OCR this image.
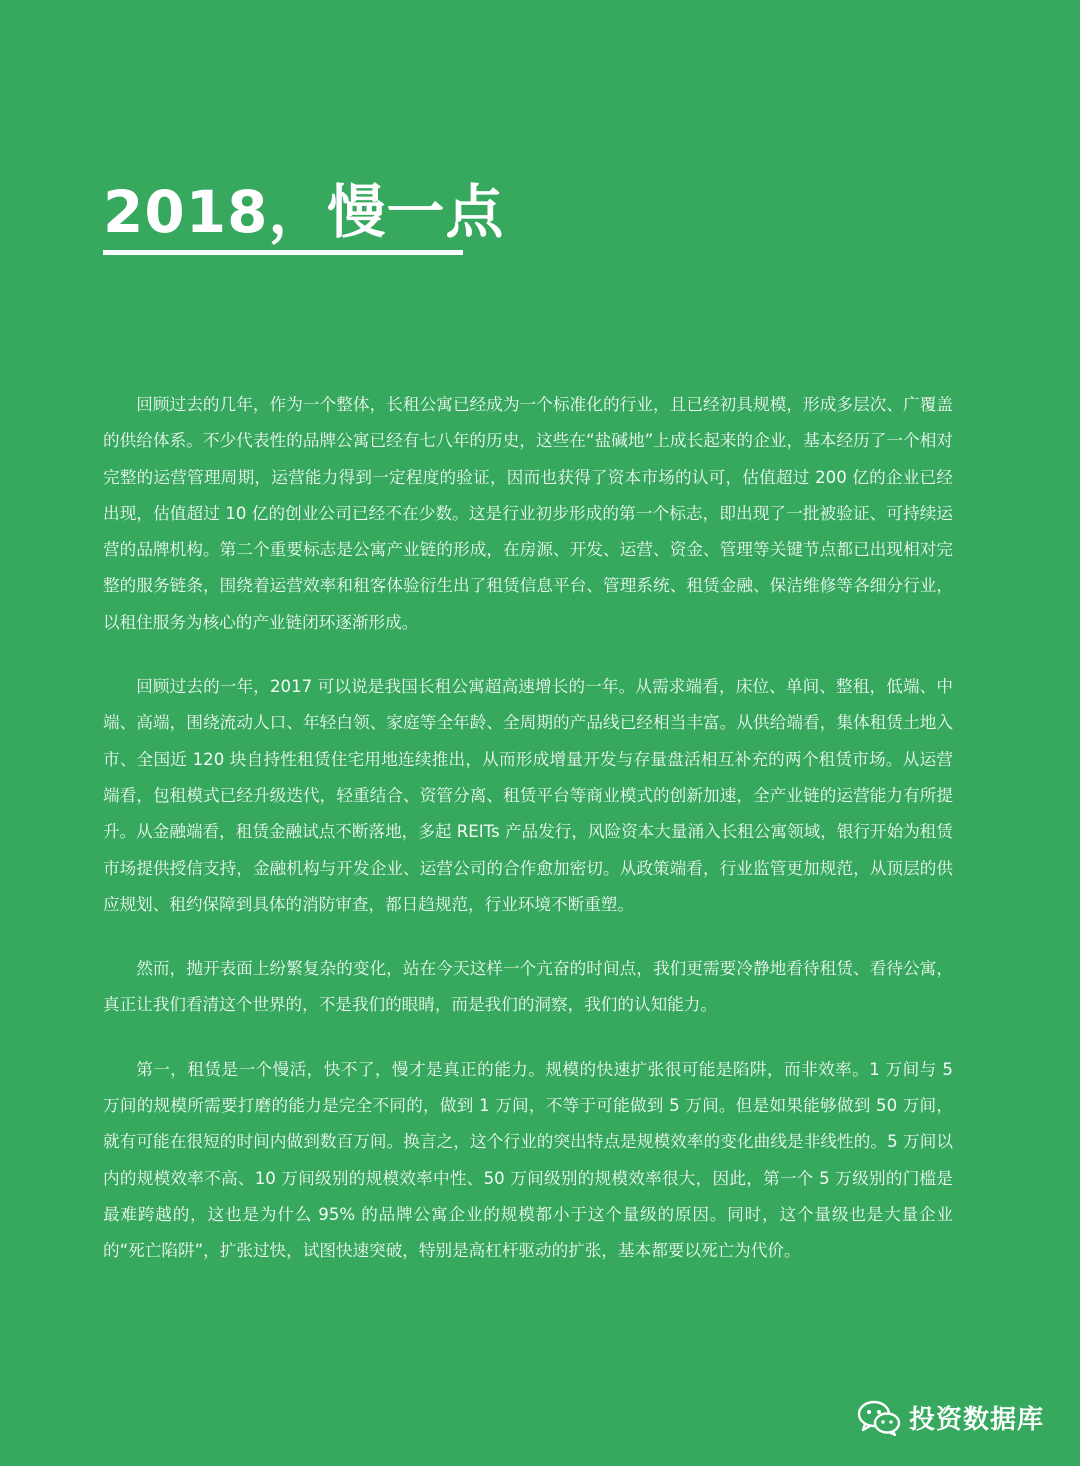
2018，慢一点

回顾过去的几年，作为一个整体，长租公寓已经成为一个标准化的行业，且已经初具规模，形成多层次、广覆盖的供给体系。不少代表性的品牌公寓已经有七八年的历史，这些在“盐碱地”上成长起来的企业，基本经历了一个相对完整的运营管理周期，运营能力得到一定程度的验证，因而也获得了资本市场的认可，估值超过 200 亿的企业已经出现，估值超过 10 亿的创业公司已经不在少数。这是行业初步形成的第一个标志，即出现了一批被验证、可持续运营的品牌机构。第二个重要标志是公寓产业链的形成，在房源、开发、运营、资金、管理等关键节点都已出现相对完整的服务链条，围绕着运营效率和租客体验衍生出了租赁信息平台、管理系统、租赁金融、保洁维修等各细分行业，以租住服务为核心的产业链闭环逐渐形成。

回顾过去的一年，2017 可以说是我国长租公寓超高速增长的一年。从需求端看，床位、单间、整租，低端、中端、高端，围绕流动人口、年轻白领、家庭等全年龄、全周期的产品线已经相当丰富。从供给端看，集体租赁土地入市、全国近 120 块自持性租赁住宅用地连续推出，从而形成增量开发与存量盘活相互补充的两个租赁市场。从运营端看，包租模式已经升级迭代，轻重结合、资管分离、租赁平台等商业模式的创新加速，全产业链的运营能力有所提升。从金融端看，租赁金融试点不断落地，多起 REITs 产品发行，风险资本大量涌入长租公寓领域，银行开始为租赁市场提供授信支持，金融机构与开发企业、运营公司的合作愈加密切。从政策端看，行业监管更加规范，从顶层的供应规划、租约保障到具体的消防审查，都日趋规范，行业环境不断重塑。

然而，抛开表面上纷繁复杂的变化，站在今天这样一个亢奋的时间点，我们更需要冷静地看待租赁、看待公寓，真正让我们看清这个世界的，不是我们的眼睛，而是我们的洞察，我们的认知能力。

第一，租赁是一个慢活，快不了，慢才是真正的能力。规模的快速扩张很可能是陷阱，而非效率。1 万间与 5 万间的规模所需要打磨的能力是完全不同的，做到 1 万间，不等于可能做到 5 万间。但是如果能够做到 50 万间，就有可能在很短的时间内做到数百万间。换言之，这个行业的突出特点是规模效率的变化曲线是非线性的。5 万间以内的规模效率不高、10 万间级别的规模效率中性、50 万间级别的规模效率很大，因此，第一个 5 万级别的门槛是最难跨越的，这也是为什么 95% 的品牌公寓企业的规模都小于这个量级的原因。同时，这个量级也是大量企业的“死亡陷阱”，扩张过快，试图快速突破，特别是高杠杆驱动的扩张，基本都要以死亡为代价。

投资数据库
